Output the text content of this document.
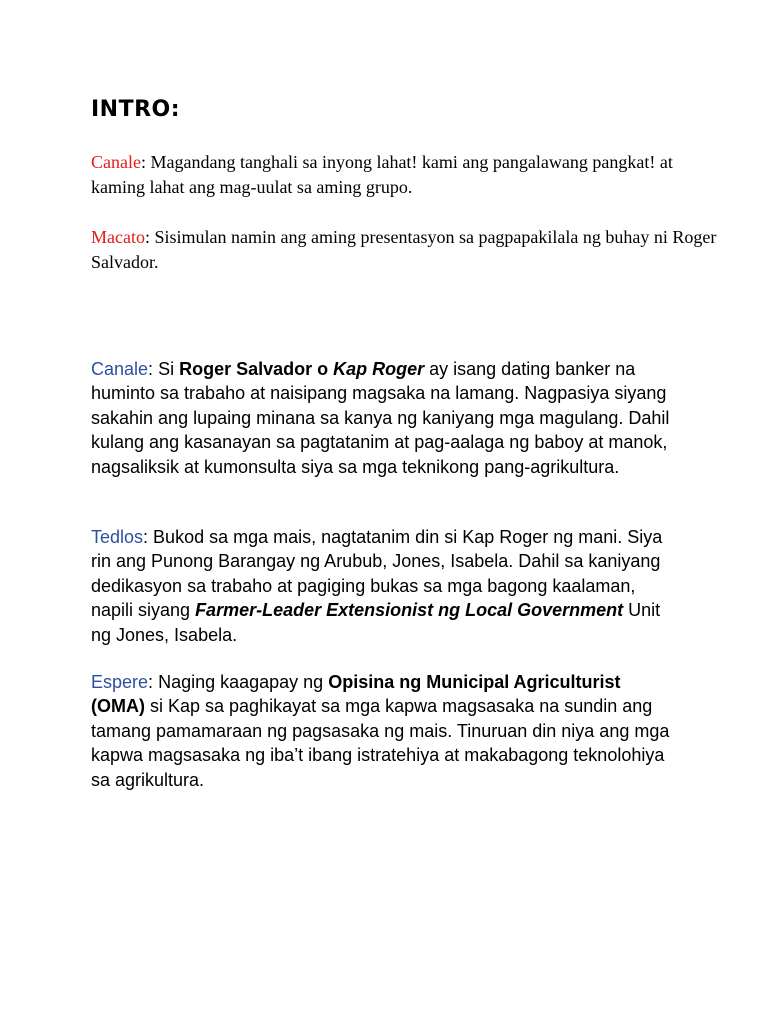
INTRO:

Canale: Magandang tanghali sa inyong lahat! kami ang pangalawang pangkat! at kaming lahat ang mag-uulat sa aming grupo.

Macato: Sisimulan namin ang aming presentasyon sa pagpapakilala ng buhay ni Roger Salvador.

Canale: Si Roger Salvador o Kap Roger ay isang dating banker na huminto sa trabaho at naisipang magsaka na lamang. Nagpasiya siyang sakahin ang lupaing minana sa kanya ng kaniyang mga magulang. Dahil kulang ang kasanayan sa pagtatanim at pag-aalaga ng baboy at manok, nagsaliksik at kumonsulta siya sa mga teknikong pang-agrikultura.

Tedlos: Bukod sa mga mais, nagtatanim din si Kap Roger ng mani. Siya rin ang Punong Barangay ng Arubub, Jones, Isabela. Dahil sa kaniyang dedikasyon sa trabaho at pagiging bukas sa mga bagong kaalaman, napili siyang Farmer-Leader Extensionist ng Local Government Unit ng Jones, Isabela.

Espere: Naging kaagapay ng Opisina ng Municipal Agriculturist (OMA) si Kap sa paghikayat sa mga kapwa magsasaka na sundin ang tamang pamamaraan ng pagsasaka ng mais. Tinuruan din niya ang mga kapwa magsasaka ng iba’t ibang istratehiya at makabagong teknolohiya sa agrikultura.
